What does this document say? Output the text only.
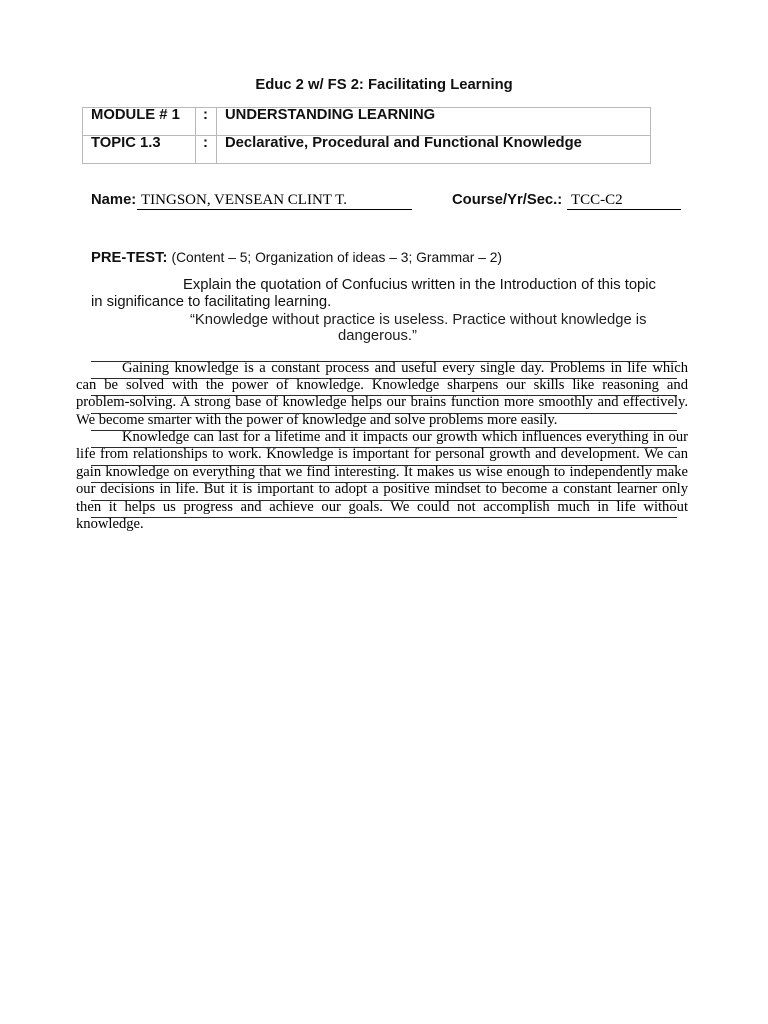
Educ 2 w/ FS 2: Facilitating Learning
MODULE # 1	:	UNDERSTANDING LEARNING
TOPIC 1.3	:	Declarative, Procedural and Functional Knowledge
Name: TINGSON, VENSEAN CLINT T.	Course/Yr/Sec.: TCC-C2
PRE-TEST: (Content – 5; Organization of ideas – 3; Grammar – 2)
Explain the quotation of Confucius written in the Introduction of this topic
in significance to facilitating learning.
“Knowledge without practice is useless. Practice without knowledge is
dangerous.”
Gaining knowledge is a constant process and useful every single day. Problems in life which
can be solved with the power of knowledge. Knowledge sharpens our skills like reasoning and
problem-solving. A strong base of knowledge helps our brains function more smoothly and effectively.
We become smarter with the power of knowledge and solve problems more easily.
Knowledge can last for a lifetime and it impacts our growth which influences everything in our
life from relationships to work. Knowledge is important for personal growth and development. We can
gain knowledge on everything that we find interesting. It makes us wise enough to independently make
our decisions in life. But it is important to adopt a positive mindset to become a constant learner only
then it helps us progress and achieve our goals. We could not accomplish much in life without
knowledge.
